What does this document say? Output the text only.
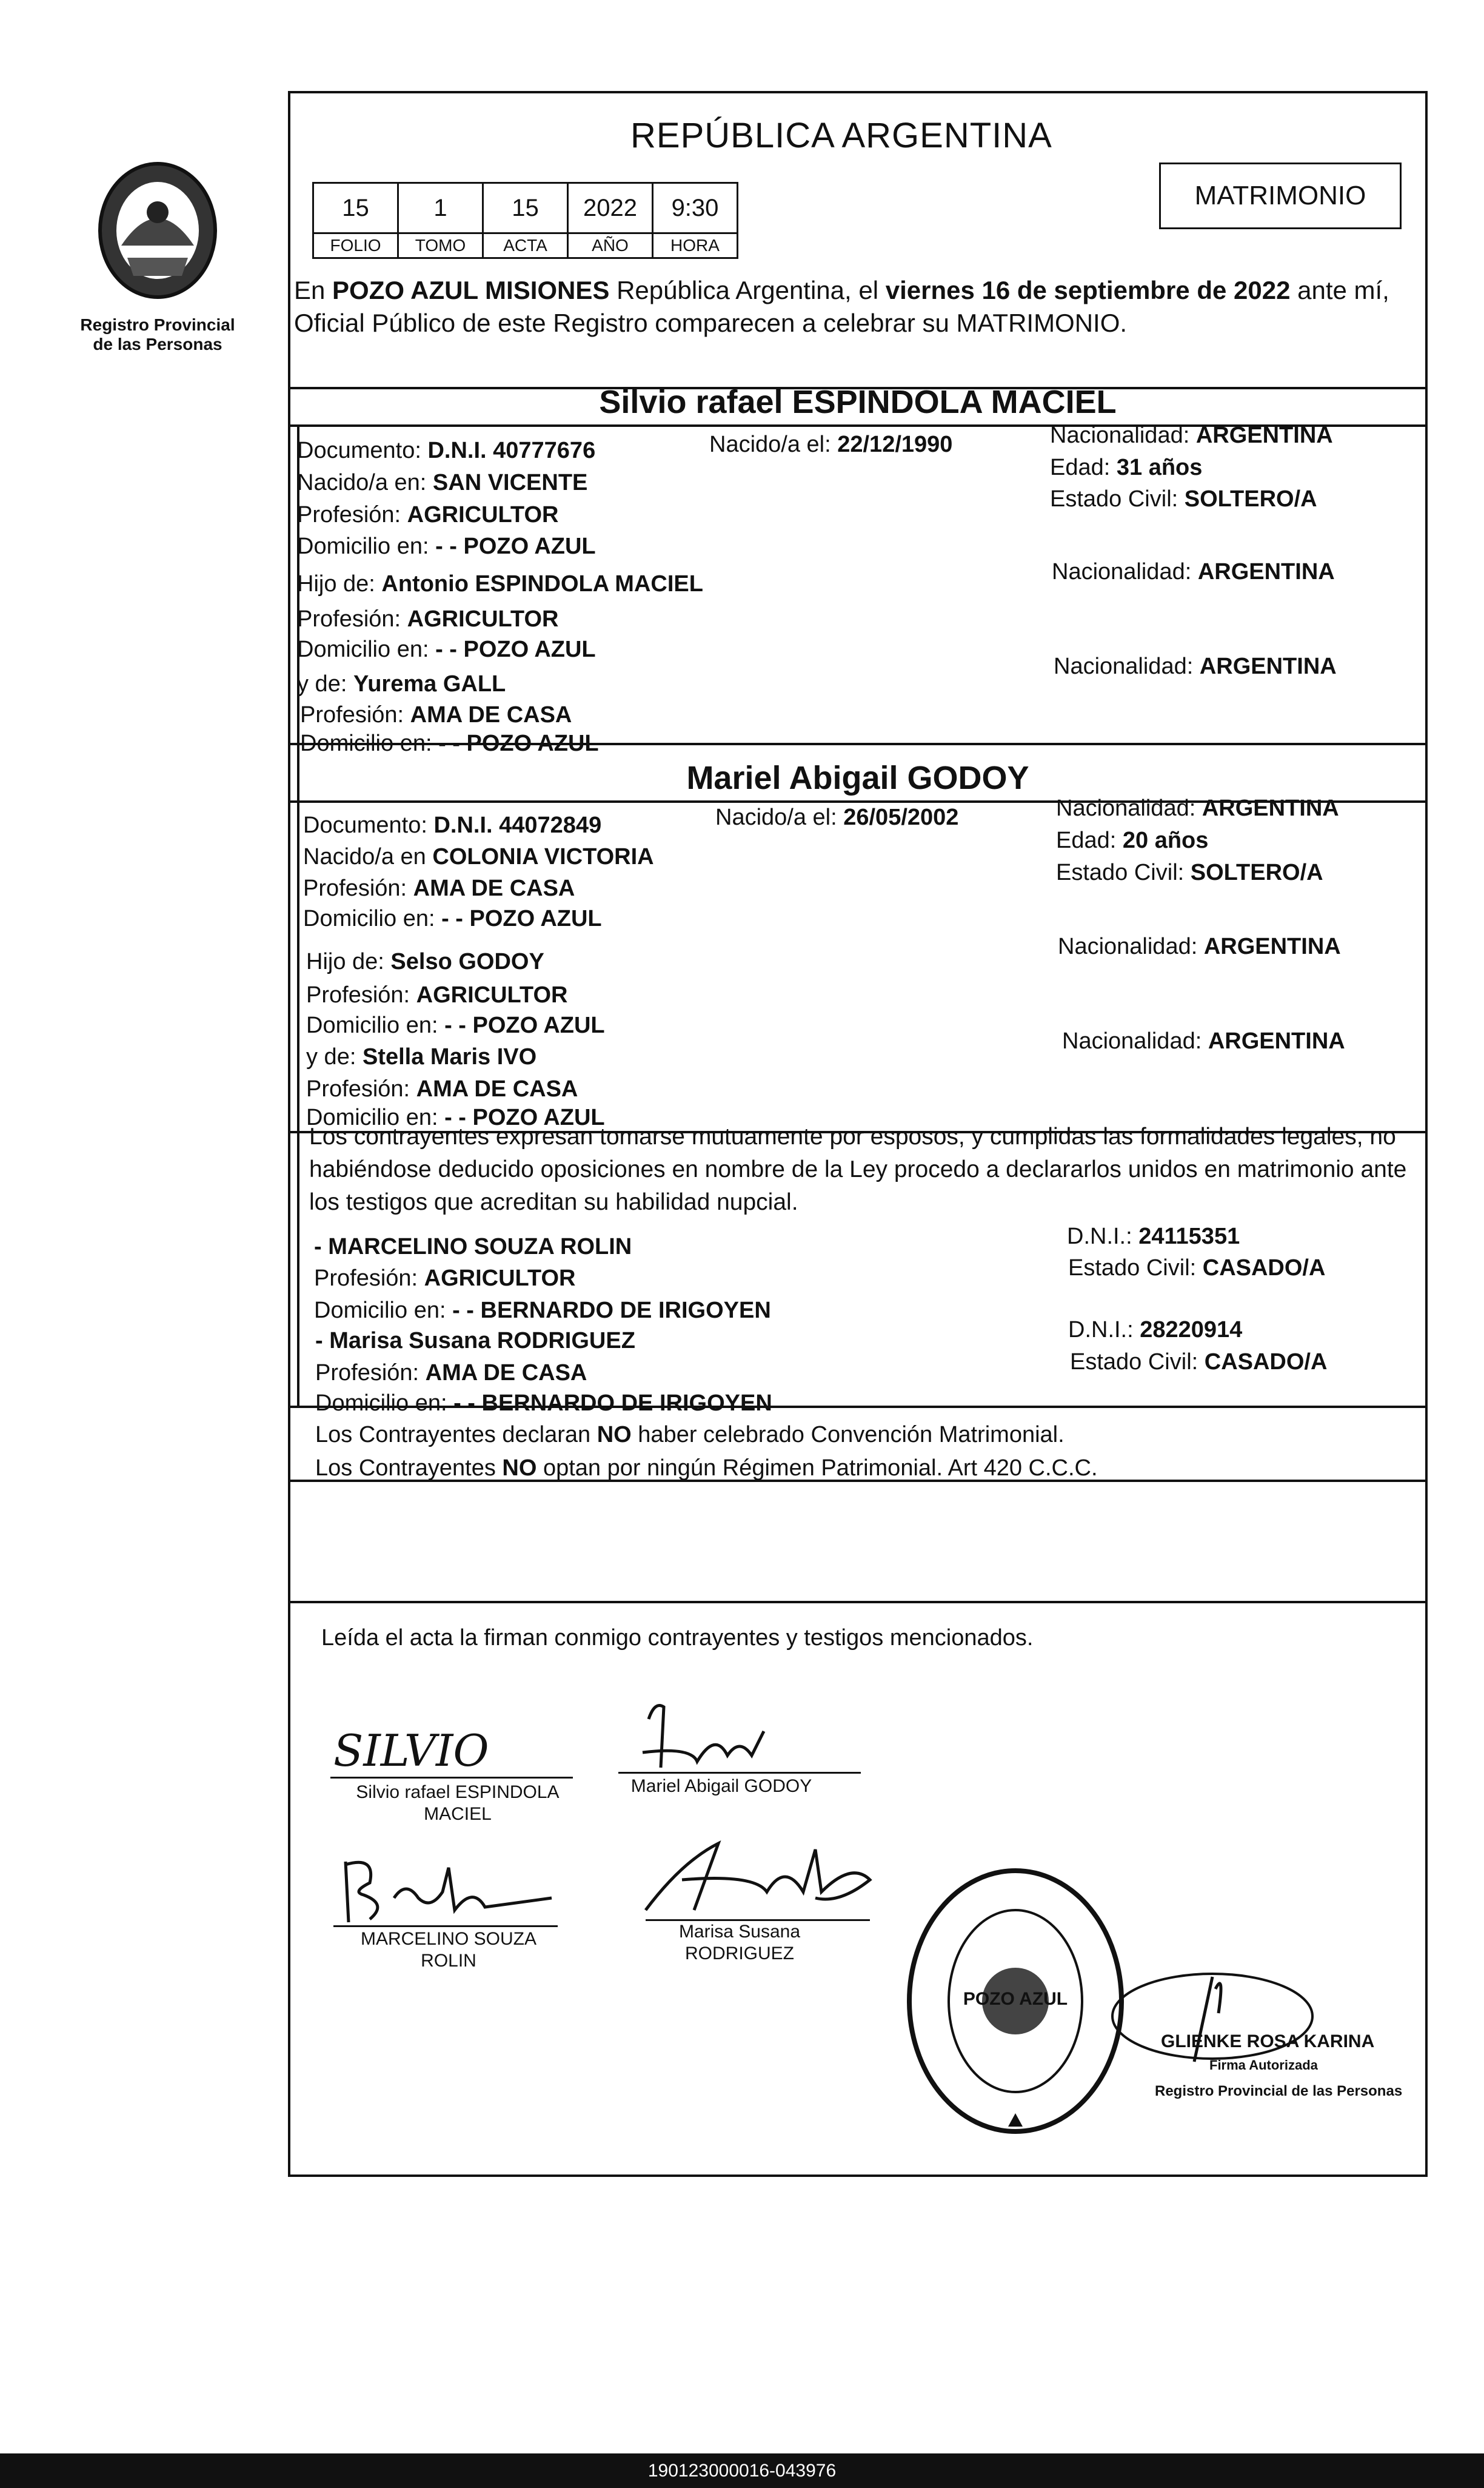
REPÚBLICA ARGENTINA
Registro Provincial
de las Personas
15	1	15	2022	9:30
FOLIO	TOMO	ACTA	AÑO	HORA
MATRIMONIO
En POZO AZUL MISIONES República Argentina, el viernes 16 de septiembre de 2022 ante mí, Oficial Público de este Registro comparecen a celebrar su MATRIMONIO.
Silvio rafael ESPINDOLA MACIEL
Documento: D.N.I. 40777676	Nacido/a el: 22/12/1990	Nacionalidad: ARGENTINA
Nacido/a en: SAN VICENTE
Edad: 31 años
Profesión: AGRICULTOR
Estado Civil: SOLTERO/A
Domicilio en: - - POZO AZUL
Hijo de: Antonio ESPINDOLA MACIEL	Nacionalidad: ARGENTINA
Profesión: AGRICULTOR
Domicilio en: - - POZO AZUL
y de: Yurema GALL
Nacionalidad: ARGENTINA
Profesión: AMA DE CASA
Domicilio en: - - POZO AZUL
Mariel Abigail GODOY
Documento: D.N.I. 44072849	Nacido/a el: 26/05/2002	Nacionalidad: ARGENTINA
Nacido/a en COLONIA VICTORIA
Edad: 20 años
Profesión: AMA DE CASA
Estado Civil: SOLTERO/A
Domicilio en: - - POZO AZUL
Hijo de: Selso GODOY
Nacionalidad: ARGENTINA
Profesión: AGRICULTOR
Domicilio en: - - POZO AZUL
y de: Stella Maris IVO
Nacionalidad: ARGENTINA
Profesión: AMA DE CASA
Domicilio en: - - POZO AZUL
Los contrayentes expresan tomarse mutuamente por esposos, y cumplidas las formalidades legales, no habiéndose deducido oposiciones en nombre de la Ley procedo a declararlos unidos en matrimonio ante los testigos que acreditan su habilidad nupcial.
- MARCELINO SOUZA ROLIN	D.N.I.: 24115351
Profesión: AGRICULTOR	Estado Civil: CASADO/A
Domicilio en: - - BERNARDO DE IRIGOYEN
- Marisa Susana RODRIGUEZ	D.N.I.: 28220914
Profesión: AMA DE CASA	Estado Civil: CASADO/A
Domicilio en: - - BERNARDO DE IRIGOYEN
Los Contrayentes declaran NO haber celebrado Convención Matrimonial.
Los Contrayentes NO optan por ningún Régimen Patrimonial. Art 420 C.C.C.
Leída el acta la firman conmigo contrayentes y testigos mencionados.
SILVIO
Silvio rafael ESPINDOLA
MACIEL
Mariel Abigail GODOY
MARCELINO SOUZA
ROLIN
Marisa Susana
RODRIGUEZ
POZO AZUL
GLIENKE ROSA KARINA
Firma Autorizada
Registro Provincial de las Personas
190123000016-043976
